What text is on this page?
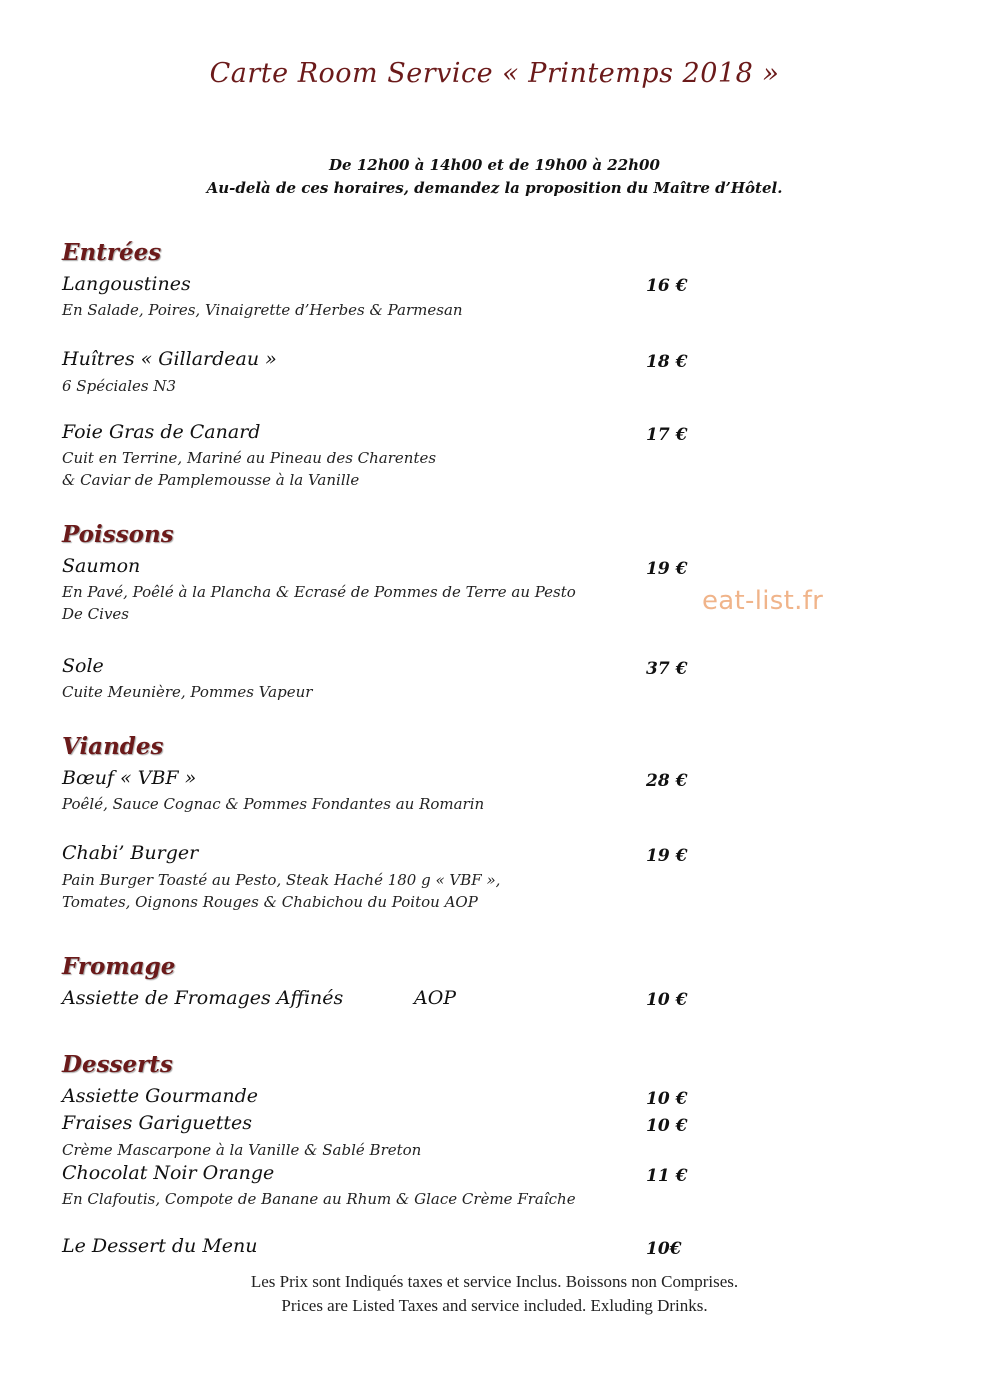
Carte Room Service « Printemps 2018 »
De 12h00 à 14h00 et de 19h00 à 22h00
Au-delà de ces horaires, demandez la proposition du Maître d’Hôtel.
Entrées
Langoustines	16 €
En Salade, Poires, Vinaigrette d’Herbes & Parmesan
Huîtres « Gillardeau »	18 €
6 Spéciales N3
Foie Gras de Canard	17 €
Cuit en Terrine, Mariné au Pineau des Charentes
& Caviar de Pamplemousse à la Vanille
Poissons
Saumon	19 €
En Pavé, Poêlé à la Plancha & Ecrasé de Pommes de Terre au Pesto
De Cives	eat-list.fr
Sole	37 €
Cuite Meunière, Pommes Vapeur
Viandes
Bœuf « VBF »	28 €
Poêlé, Sauce Cognac & Pommes Fondantes au Romarin
Chabi’ Burger	19 €
Pain Burger Toasté au Pesto, Steak Haché 180 g « VBF »,
Tomates, Oignons Rouges & Chabichou du Poitou AOP
Fromage
Assiette de Fromages Affinés	AOP	10 €
Desserts
Assiette Gourmande	10 €
Fraises Gariguettes	10 €
Crème Mascarpone à la Vanille & Sablé Breton
Chocolat Noir Orange	11 €
En Clafoutis, Compote de Banane au Rhum & Glace Crème Fraîche
Le Dessert du Menu	10€
Les Prix sont Indiqués taxes et service Inclus. Boissons non Comprises.
Prices are Listed Taxes and service included. Exluding Drinks.
